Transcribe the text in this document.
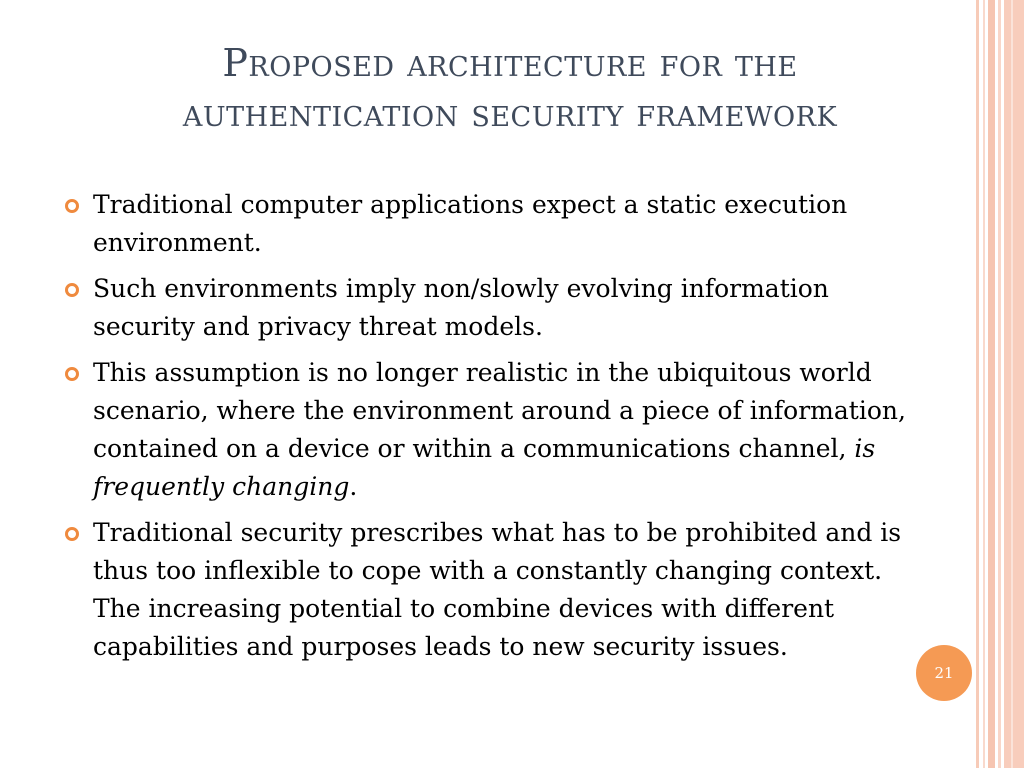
Proposed architecture for the
authentication security framework
Traditional computer applications expect a static execution environment.
Such environments imply non/slowly evolving information security and privacy threat models.
This assumption is no longer realistic in the ubiquitous world scenario, where the environment around a piece of information, contained on a device or within a communications channel, is frequently changing.
Traditional security prescribes what has to be prohibited and is thus too inflexible to cope with a constantly changing context. The increasing potential to combine devices with different capabilities and purposes leads to new security issues.
21
